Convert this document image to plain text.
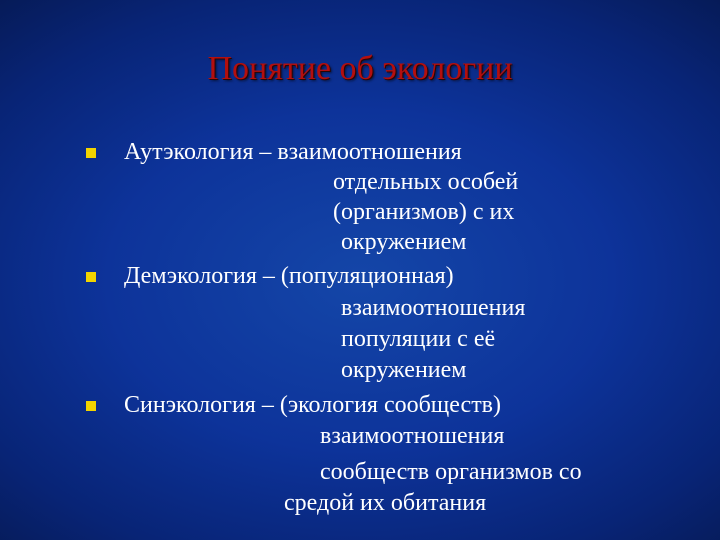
Понятие об экологии
Аутэкология – взаимоотношения
отдельных особей
(организмов) с их
окружением
Демэкология – (популяционная)
взаимоотношения
популяции с её
окружением
Синэкология – (экология сообществ)
взаимоотношения
сообществ организмов со
средой их обитания
